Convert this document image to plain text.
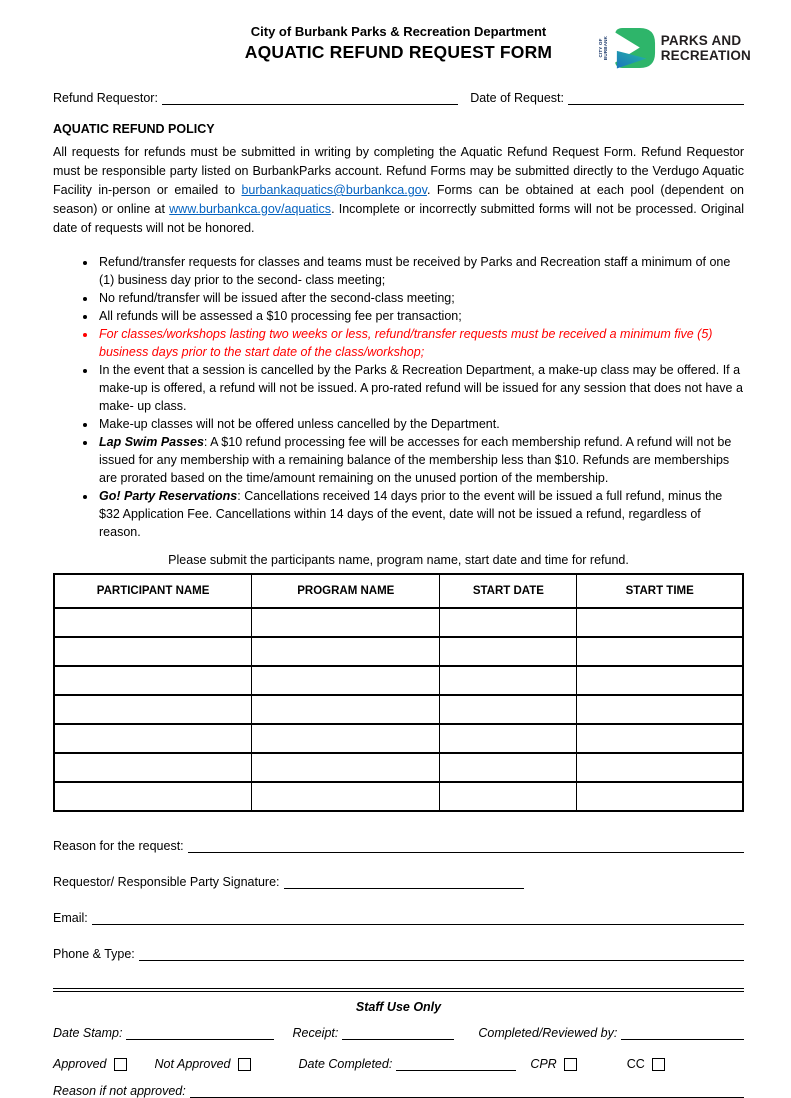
City of Burbank Parks & Recreation Department
AQUATIC REFUND REQUEST FORM	CITY OF BURBANK	PARKS AND
RECREATION
Refund Requestor:	Date of Request:
AQUATIC REFUND POLICY

All requests for refunds must be submitted in writing by completing the Aquatic Refund Request Form. Refund Requestor must be responsible party listed on BurbankParks account. Refund Forms may be submitted directly to the Verdugo Aquatic Facility in-person or emailed to burbankaquatics@burbankca.gov. Forms can be obtained at each pool (dependent on season) or online at www.burbankca.gov/aquatics. Incomplete or incorrectly submitted forms will not be processed. Original date of requests will not be honored.

• Refund/transfer requests for classes and teams must be received by Parks and Recreation staff a minimum of one (1) business day prior to the second- class meeting;
• No refund/transfer will be issued after the second-class meeting;
• All refunds will be assessed a $10 processing fee per transaction;
• For classes/workshops lasting two weeks or less, refund/transfer requests must be received a minimum five (5) business days prior to the start date of the class/workshop;
• In the event that a session is cancelled by the Parks & Recreation Department, a make-up class may be offered. If a make-up is offered, a refund will not be issued. A pro-rated refund will be issued for any session that does not have a make- up class.
• Make-up classes will not be offered unless cancelled by the Department.
• Lap Swim Passes: A $10 refund processing fee will be accesses for each membership refund. A refund will not be issued for any membership with a remaining balance of the membership less than $10. Refunds are memberships are prorated based on the time/amount remaining on the unused portion of the membership.
• Go! Party Reservations: Cancellations received 14 days prior to the event will be issued a full refund, minus the $32 Application Fee. Cancellations within 14 days of the event, date will not be issued a refund, regardless of reason.
Please submit the participants name, program name, start date and time for refund.
PARTICIPANT NAME	PROGRAM NAME	START DATE	START TIME

Reason for the request:
Requestor/ Responsible Party Signature:
Email:
Phone & Type:
Staff Use Only
Date Stamp:	Receipt:	Completed/Reviewed by:
Approved	Not Approved	Date Completed:	CPR	CC
Reason if not approved:
